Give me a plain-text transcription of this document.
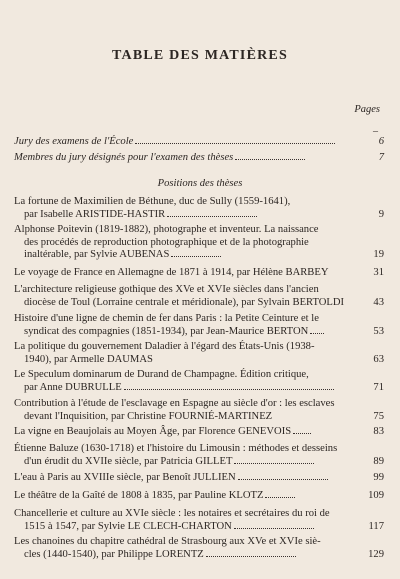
TABLE DES MATIÈRES
Pages
–
Jury des examens de l'École	6
Membres du jury désignés pour l'examen des thèses	7
Positions des thèses
La fortune de Maximilien de Béthune, duc de Sully (1559-1641),
par Isabelle ARISTIDE-HASTIR	9
Alphonse Poitevin (1819-1882), photographe et inventeur. La naissance
des procédés de reproduction photographique et de la photographie
inaltérable, par Sylvie AUBENAS	19
Le voyage de France en Allemagne de 1871 à 1914, par Hélène BARBEY	31
L'architecture religieuse gothique des XVe et XVIe siècles dans l'ancien
diocèse de Toul (Lorraine centrale et méridionale), par Sylvain BERTOLDI	43
Histoire d'une ligne de chemin de fer dans Paris : la Petite Ceinture et le
syndicat des compagnies (1851-1934), par Jean-Maurice BERTON	53
La politique du gouvernement Daladier à l'égard des États-Unis (1938-
1940), par Armelle DAUMAS	63
Le Speculum dominarum de Durand de Champagne. Édition critique,
par Anne DUBRULLE	71
Contribution à l'étude de l'esclavage en Espagne au siècle d'or : les esclaves
devant l'Inquisition, par Christine FOURNIÉ-MARTINEZ	75
La vigne en Beaujolais au Moyen Âge, par Florence GENEVOIS	83
Étienne Baluze (1630-1718) et l'histoire du Limousin : méthodes et desseins
d'un érudit du XVIIe siècle, par Patricia GILLET	89
L'eau à Paris au XVIIIe siècle, par Benoît JULLIEN	99
Le théâtre de la Gaîté de 1808 à 1835, par Pauline KLOTZ	109
Chancellerie et culture au XVIe siècle : les notaires et secrétaires du roi de
1515 à 1547, par Sylvie LE CLECH-CHARTON	117
Les chanoines du chapitre cathédral de Strasbourg aux XVe et XVIe siè-
cles (1440-1540), par Philippe LORENTZ	129
